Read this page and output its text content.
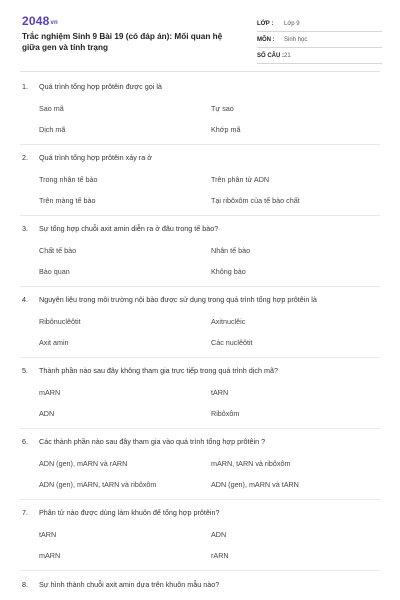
2048vn
Trắc nghiệm Sinh 9 Bài 19 (có đáp án): Mối quan hệ giữa gen và tính trạng
LỚP :	Lớp 9
MÔN :	Sinh học
SỐ CÂU : 21
1. Quá trình tổng hợp prôtêin được gọi là
Sao mã	Tự sao
Dịch mã	Khớp mã
2. Quá trình tổng hợp prôtêin xảy ra ở
Trong nhân tế bào	Trên phân tử ADN
Trên màng tế bào	Tại ribôxôm của tế bào chất
3. Sự tổng hợp chuỗi axit amin diễn ra ở đâu trong tế bào?
Chất tế bào	Nhân tế bào
Bào quan	Không bào
4. Nguyên liệu trong môi trường nội bào được sử dụng trong quá trình tổng hợp prôtêin là
Ribônuclêôtit	Axitnuclêic
Axit amin	Các nuclêôtit
5. Thành phần nào sau đây không tham gia trực tiếp trong quá trình dịch mã?
mARN	tARN
ADN	Ribôxôm
6. Các thành phần nào sau đây tham gia vào quá trình tổng hợp prôtêin ?
ADN (gen), mARN và rARN	mARN, tARN và ribôxôm
ADN (gen), mARN, tARN và ribôxôm	ADN (gen), mARN và tARN
7. Phân tử nào được dùng làm khuôn để tổng hợp prôtêin?
tARN	ADN
mARN	rARN
8. Sự hình thành chuỗi axit amin dựa trên khuôn mẫu nào?
